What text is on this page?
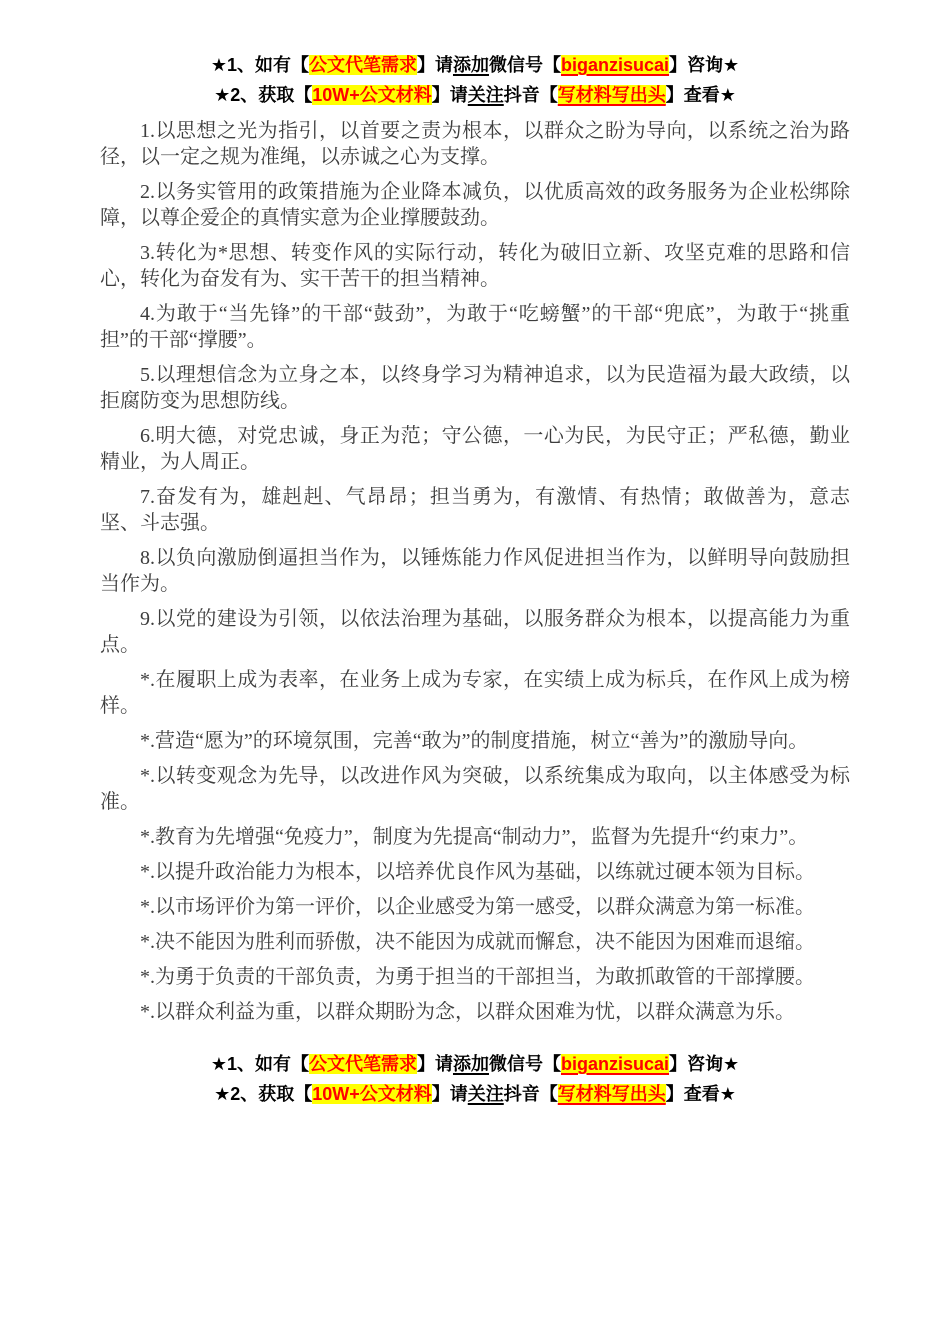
★1、如有【公文代笔需求】请添加微信号【biganzisucai】咨询★
★2、获取【10W+公文材料】请关注抖音【写材料写出头】查看★

1.以思想之光为指引，以首要之责为根本，以群众之盼为导向，以系统之治为路径，以一定之规为准绳，以赤诚之心为支撑。

2.以务实管用的政策措施为企业降本减负，以优质高效的政务服务为企业松绑除障，以尊企爱企的真情实意为企业撑腰鼓劲。

3.转化为*思想、转变作风的实际行动，转化为破旧立新、攻坚克难的思路和信心，转化为奋发有为、实干苦干的担当精神。

4.为敢于“当先锋”的干部“鼓劲”，为敢于“吃螃蟹”的干部“兜底”，为敢于“挑重担”的干部“撑腰”。

5.以理想信念为立身之本，以终身学习为精神追求，以为民造福为最大政绩，以拒腐防变为思想防线。

6.明大德，对党忠诚，身正为范；守公德，一心为民，为民守正；严私德，勤业精业，为人周正。

7.奋发有为，雄赳赳、气昂昂；担当勇为，有激情、有热情；敢做善为，意志坚、斗志强。

8.以负向激励倒逼担当作为，以锤炼能力作风促进担当作为，以鲜明导向鼓励担当作为。

9.以党的建设为引领，以依法治理为基础，以服务群众为根本，以提高能力为重点。

*.在履职上成为表率，在业务上成为专家，在实绩上成为标兵，在作风上成为榜样。

*.营造“愿为”的环境氛围，完善“敢为”的制度措施，树立“善为”的激励导向。

*.以转变观念为先导，以改进作风为突破，以系统集成为取向，以主体感受为标准。

*.教育为先增强“免疫力”，制度为先提高“制动力”，监督为先提升“约束力”。

*.以提升政治能力为根本，以培养优良作风为基础，以练就过硬本领为目标。

*.以市场评价为第一评价，以企业感受为第一感受，以群众满意为第一标准。

*.决不能因为胜利而骄傲，决不能因为成就而懈怠，决不能因为困难而退缩。

*.为勇于负责的干部负责，为勇于担当的干部担当，为敢抓敢管的干部撑腰。

*.以群众利益为重，以群众期盼为念，以群众困难为忧，以群众满意为乐。

★1、如有【公文代笔需求】请添加微信号【biganzisucai】咨询★
★2、获取【10W+公文材料】请关注抖音【写材料写出头】查看★
